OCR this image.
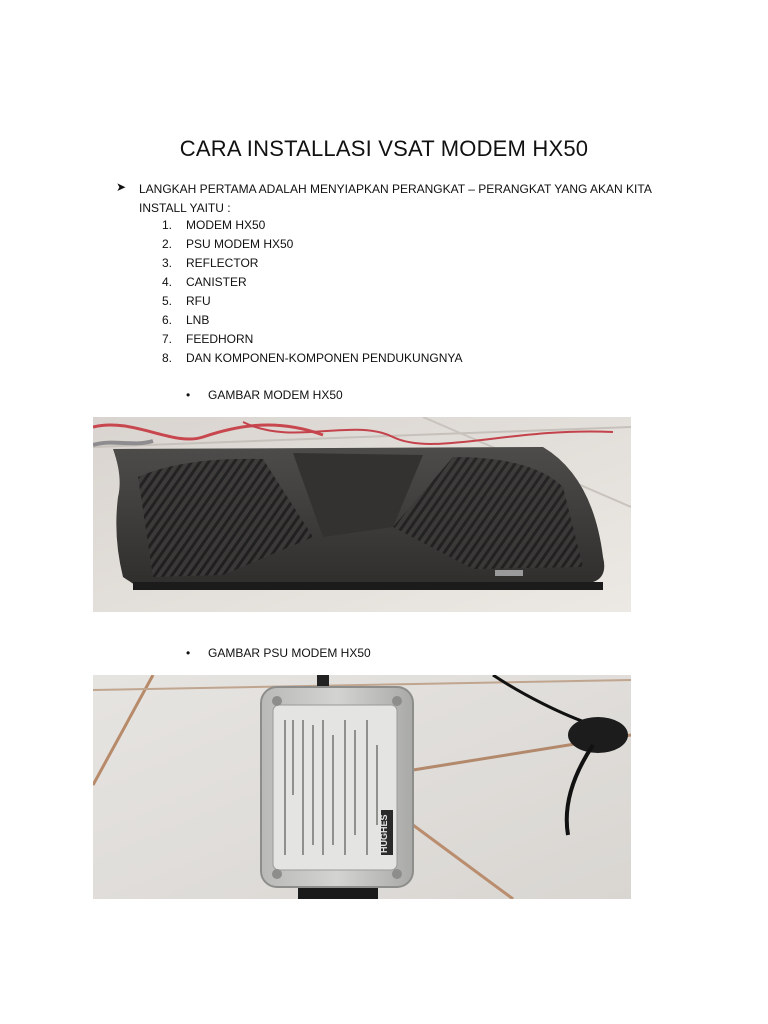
CARA INSTALLASI VSAT MODEM HX50
➤ LANGKAH PERTAMA ADALAH MENYIAPKAN PERANGKAT – PERANGKAT YANG AKAN KITA INSTALL YAITU :
1. MODEM HX50
2. PSU MODEM HX50
3. REFLECTOR
4. CANISTER
5. RFU
6. LNB
7. FEEDHORN
8. DAN KOMPONEN-KOMPONEN PENDUKUNGNYA
• GAMBAR MODEM HX50
• GAMBAR PSU MODEM HX50
HUGHES
